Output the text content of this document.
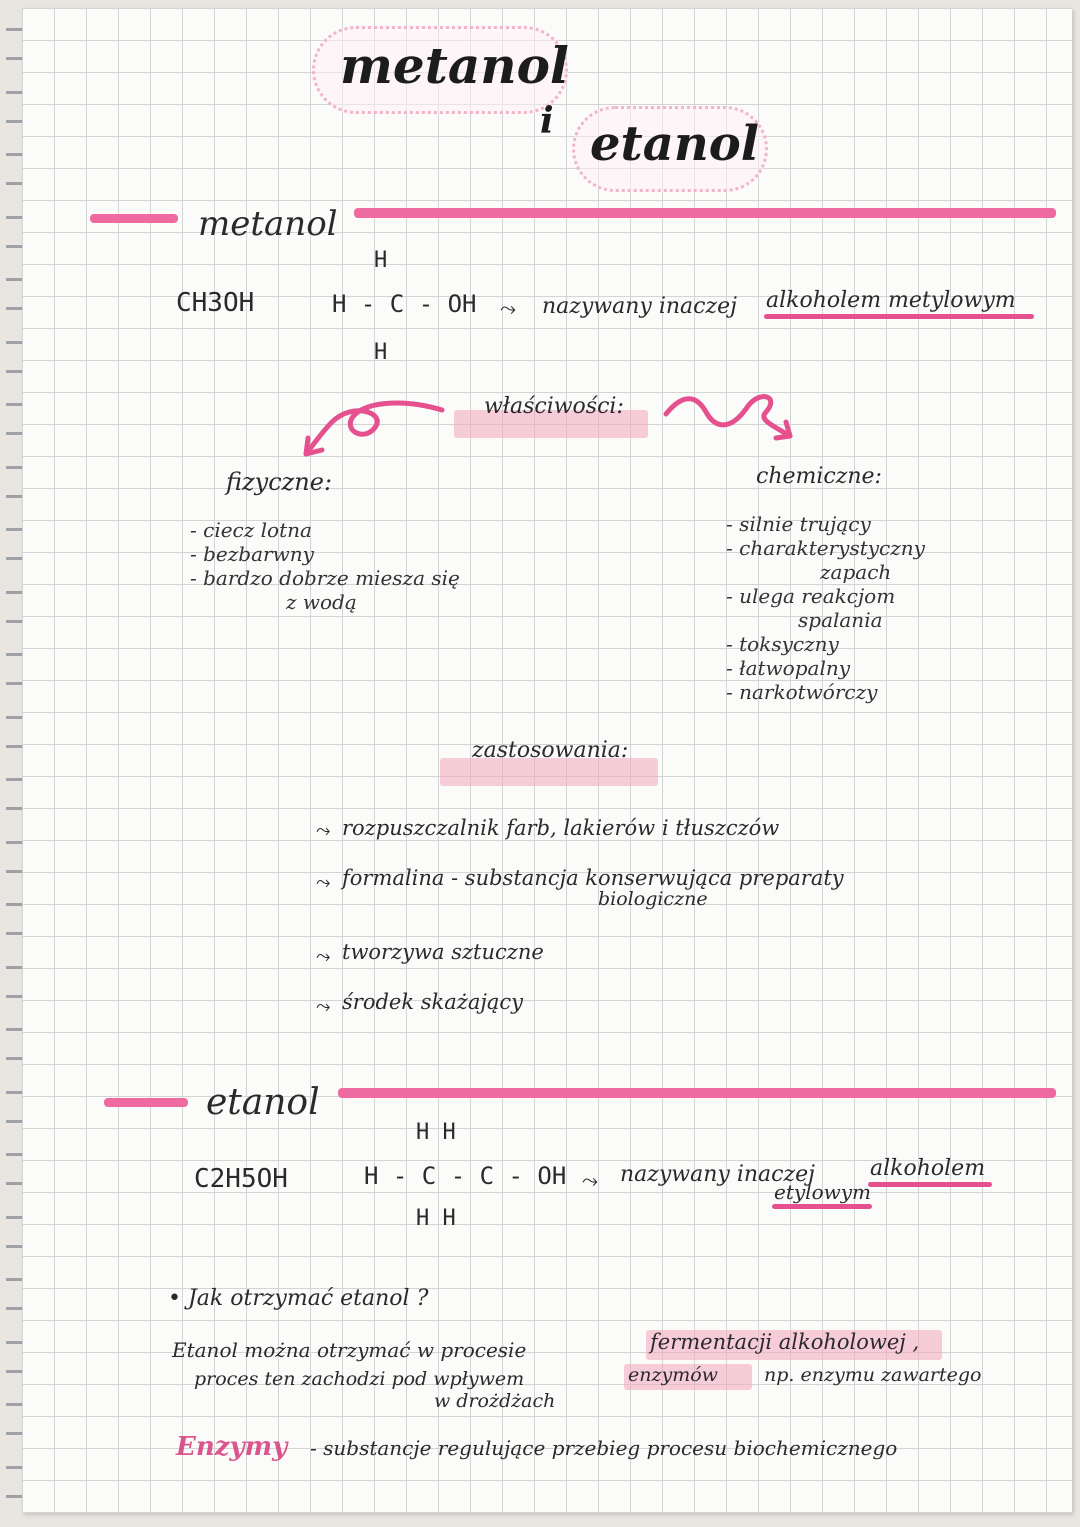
metanol
i etanol
metanol
CH3OH
H
H - C - OH
H
⤳ nazywany inaczej alkoholem metylowym
właściwości:
fizyczne:
- ciecz lotna
- bezbarwny
- bardzo dobrze miesza się
z wodą
chemiczne:
- silnie trujący
- charakterystyczny
zapach
- ulega reakcjom
spalania
- toksyczny
- łatwopalny
- narkotwórczy
zastosowania:
⤳ rozpuszczalnik farb, lakierów i tłuszczów
⤳ formalina - substancja konserwująca preparaty
biologiczne
⤳ tworzywa sztuczne
⤳ środek skażający
etanol
C2H5OH
H H
H - C - C - OH
H H
⤳ nazywany inaczej	alkoholem
etylowym
• Jak otrzymać etanol ?
Etanol można otrzymać w procesie	fermentacji alkoholowej ,
proces ten zachodzi pod wpływem	enzymów np. enzymu zawartego
w drożdżach
Enzymy - substancje regulujące przebieg procesu biochemicznego
